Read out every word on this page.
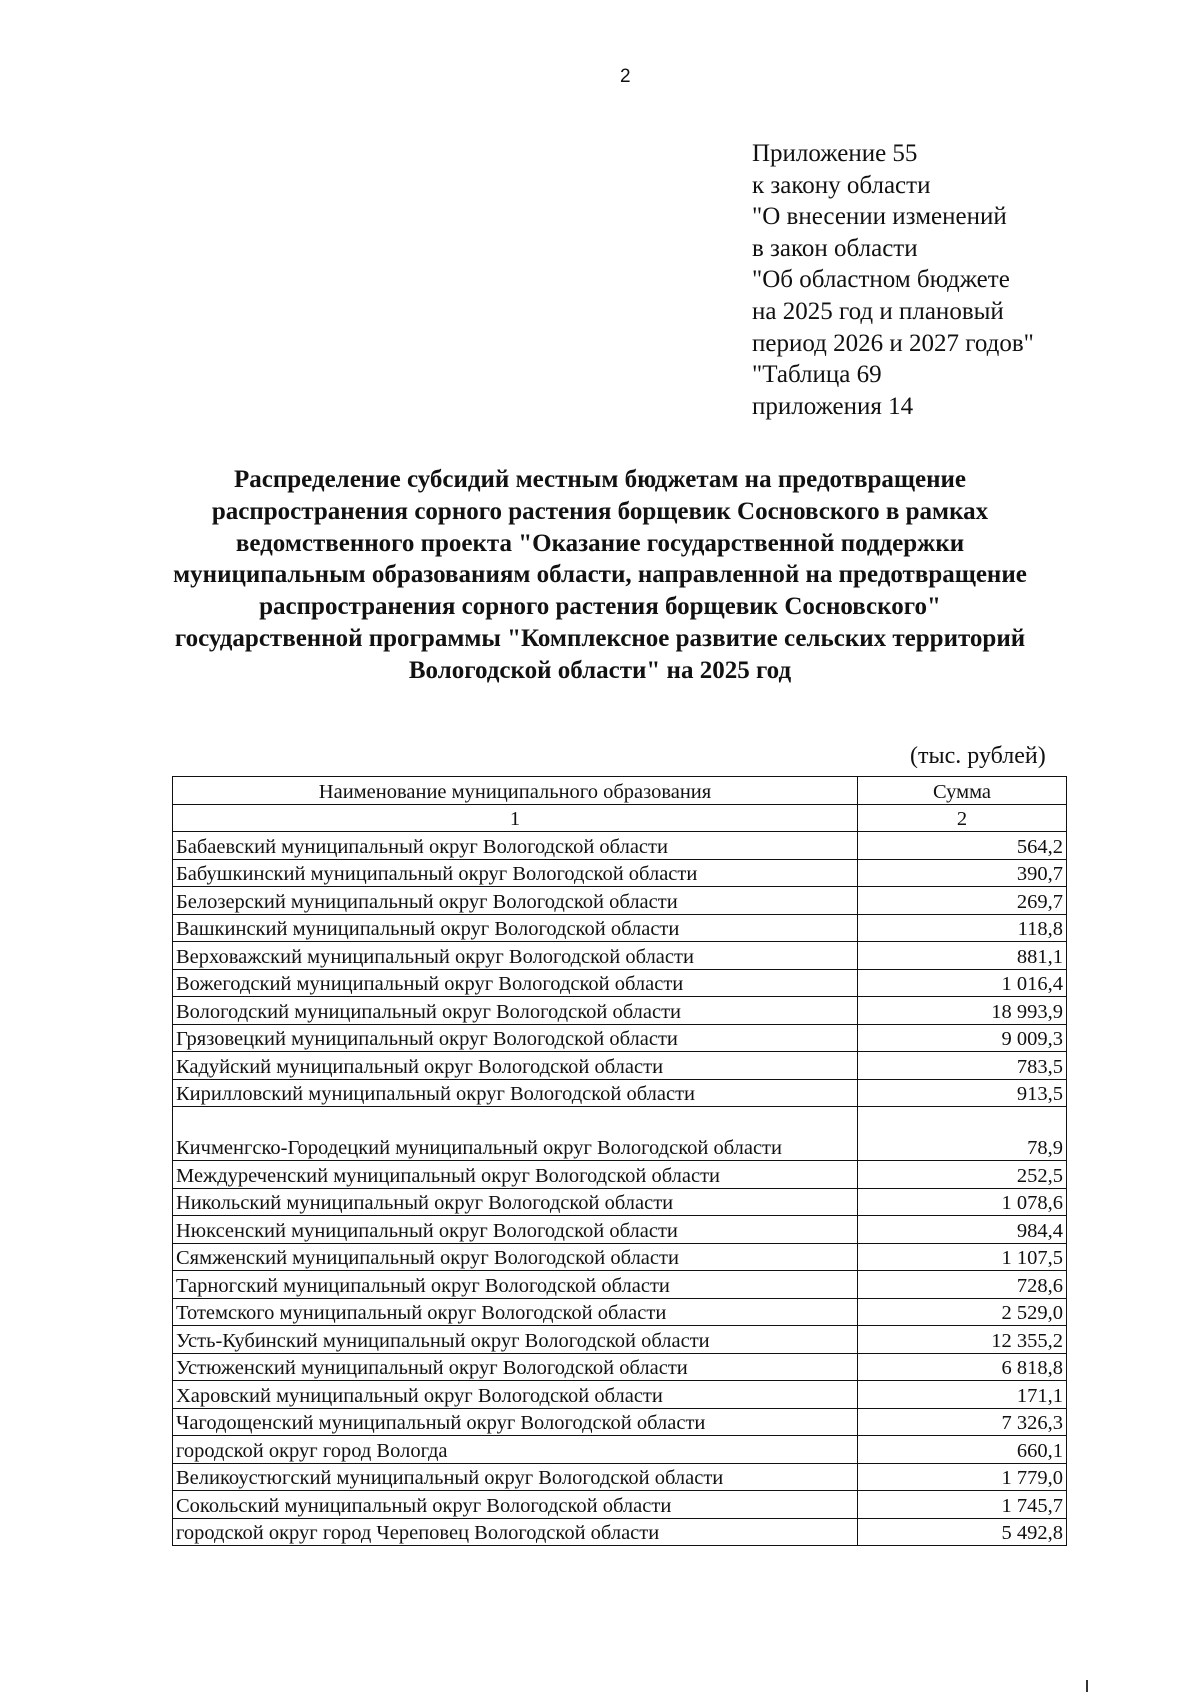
2
Приложение 55
к закону области
"О внесении изменений
в закон области
"Об областном бюджете
на 2025 год и плановый
период 2026 и 2027 годов"
"Таблица 69
приложения 14
Распределение субсидий местным бюджетам на предотвращение
распространения сорного растения борщевик Сосновского в рамках
ведомственного проекта "Оказание государственной поддержки
муниципальным образованиям области, направленной на предотвращение
распространения сорного растения борщевик Сосновского"
государственной программы "Комплексное развитие сельских территорий
Вологодской области" на 2025 год
(тыс. рублей)
Наименование муниципального образования	Сумма
1	2
Бабаевский муниципальный округ Вологодской области	564,2
Бабушкинский муниципальный округ Вологодской области	390,7
Белозерский муниципальный округ Вологодской области	269,7
Вашкинский муниципальный округ Вологодской области	118,8
Верховажский муниципальный округ Вологодской области	881,1
Вожегодский муниципальный округ Вологодской области	1 016,4
Вологодский муниципальный округ Вологодской области	18 993,9
Грязовецкий муниципальный округ Вологодской области	9 009,3
Кадуйский муниципальный округ Вологодской области	783,5
Кирилловский муниципальный округ Вологодской области	913,5
Кичменгско-Городецкий муниципальный округ Вологодской области	78,9
Междуреченский муниципальный округ Вологодской области	252,5
Никольский муниципальный округ Вологодской области	1 078,6
Нюксенский муниципальный округ Вологодской области	984,4
Сямженский муниципальный округ Вологодской области	1 107,5
Тарногский муниципальный округ Вологодской области	728,6
Тотемского муниципальный округ Вологодской области	2 529,0
Усть-Кубинский муниципальный округ Вологодской области	12 355,2
Устюженский муниципальный округ Вологодской области	6 818,8
Харовский муниципальный округ Вологодской области	171,1
Чагодощенский муниципальный округ Вологодской области	7 326,3
городской округ город Вологда	660,1
Великоустюгский муниципальный округ Вологодской области	1 779,0
Сокольский муниципальный округ Вологодской области	1 745,7
городской округ город Череповец Вологодской области	5 492,8
